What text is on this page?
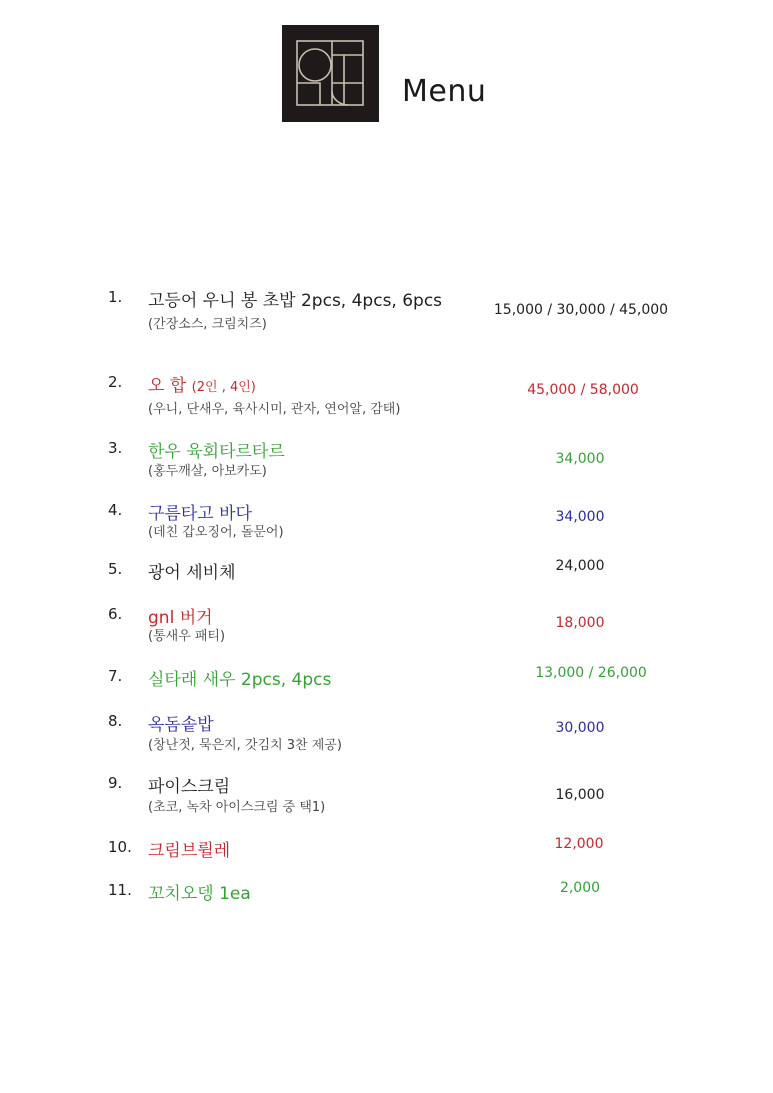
Menu
1. 고등어 우니 봉 초밥 2pcs, 4pcs, 6pcs
(간장소스, 크림치즈)
15,000 / 30,000 / 45,000
2. 오 합 (2인 , 4인)
(우니, 단새우, 육사시미, 관자, 연어알, 감태)
45,000 / 58,000
3. 한우 육회타르타르
(홍두깨살, 아보카도)
34,000
4. 구름타고 바다
(데친 갑오징어, 돌문어)
34,000
5. 광어 세비체	24,000
6. gnl 버거
(통새우 패티)
18,000
7. 실타래 새우 2pcs, 4pcs	13,000 / 26,000
8. 옥돔솥밥
(창난젓, 묵은지, 갓김치 3찬 제공)
30,000
9. 파이스크림
(초코, 녹차 아이스크림 중 택1)
16,000
10. 크림브륄레	12,000
11. 꼬치오뎅 1ea	2,000
